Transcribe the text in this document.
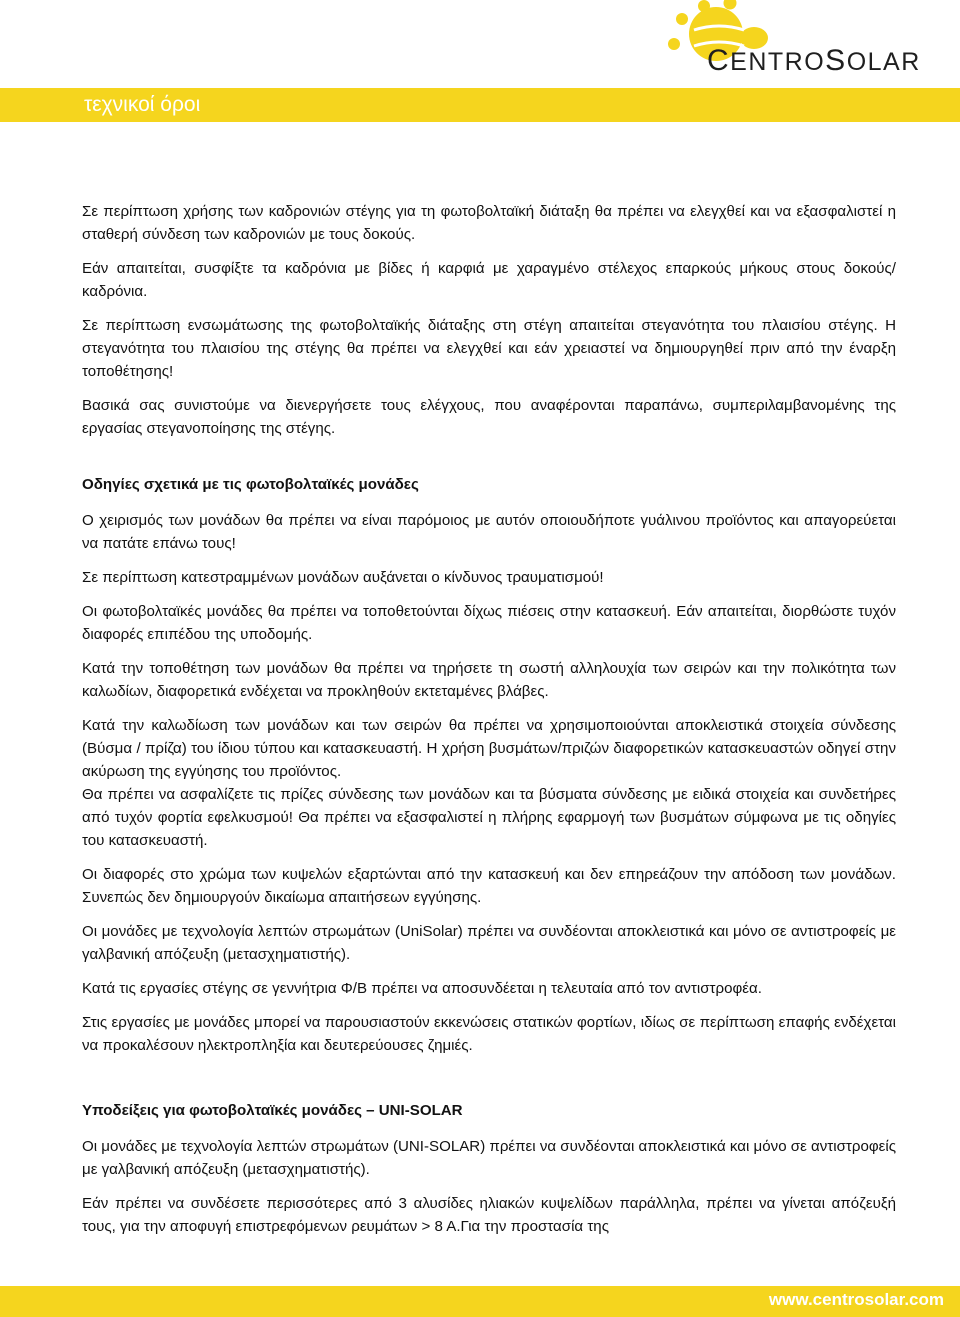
CENTROSOLAR
τεχνικοί όροι

Σε περίπτωση χρήσης των καδρονιών στέγης για τη φωτοβολταϊκή διάταξη θα πρέπει να ελεγχθεί και να εξασφαλιστεί η σταθερή σύνδεση των καδρονιών με τους δοκούς.

Εάν απαιτείται, συσφίξτε τα καδρόνια με βίδες ή καρφιά με χαραγμένο στέλεχος επαρκούς μήκους στους δοκούς/καδρόνια.

Σε περίπτωση ενσωμάτωσης της φωτοβολταϊκής διάταξης στη στέγη απαιτείται στεγανότητα του πλαισίου στέγης. Η στεγανότητα του πλαισίου της στέγης θα πρέπει να ελεγχθεί και εάν χρειαστεί να δημιουργηθεί πριν από την έναρξη τοποθέτησης!

Βασικά σας συνιστούμε να διενεργήσετε τους ελέγχους, που αναφέρονται παραπάνω, συμπεριλαμβανομένης της εργασίας στεγανοποίησης της στέγης.

Οδηγίες σχετικά με τις φωτοβολταϊκές μονάδες

Ο χειρισμός των μονάδων θα πρέπει να είναι παρόμοιος με αυτόν οποιουδήποτε γυάλινου προϊόντος και απαγορεύεται να πατάτε επάνω τους!

Σε περίπτωση κατεστραμμένων μονάδων αυξάνεται ο κίνδυνος τραυματισμού!

Οι φωτοβολταϊκές μονάδες θα πρέπει να τοποθετούνται δίχως πιέσεις στην κατασκευή. Εάν απαιτείται, διορθώστε τυχόν διαφορές επιπέδου της υποδομής.

Κατά την τοποθέτηση των μονάδων θα πρέπει να τηρήσετε τη σωστή αλληλουχία των σειρών και την πολικότητα των καλωδίων, διαφορετικά ενδέχεται να προκληθούν εκτεταμένες βλάβες.

Κατά την καλωδίωση των μονάδων και των σειρών θα πρέπει να χρησιμοποιούνται αποκλειστικά στοιχεία σύνδεσης (Βύσμα / πρίζα) του ίδιου τύπου και κατασκευαστή. Η χρήση βυσμάτων/πριζών διαφορετικών κατασκευαστών οδηγεί στην ακύρωση της εγγύησης του προϊόντος.

Θα πρέπει να ασφαλίζετε τις πρίζες σύνδεσης των μονάδων και τα βύσματα σύνδεσης με ειδικά στοιχεία και συνδετήρες από τυχόν φορτία εφελκυσμού! Θα πρέπει να εξασφαλιστεί η πλήρης εφαρμογή των βυσμάτων σύμφωνα με τις οδηγίες του κατασκευαστή.

Οι διαφορές στο χρώμα των κυψελών εξαρτώνται από την κατασκευή και δεν επηρεάζουν την απόδοση των μονάδων. Συνεπώς δεν δημιουργούν δικαίωμα απαιτήσεων εγγύησης.

Οι μονάδες με τεχνολογία λεπτών στρωμάτων (UniSolar) πρέπει να συνδέονται αποκλειστικά και μόνο σε αντιστροφείς με γαλβανική απόζευξη (μετασχηματιστής).

Κατά τις εργασίες στέγης σε γεννήτρια Φ/Β πρέπει να αποσυνδέεται η τελευταία από τον αντιστροφέα.

Στις εργασίες με μονάδες μπορεί να παρουσιαστούν εκκενώσεις στατικών φορτίων, ιδίως σε περίπτωση επαφής ενδέχεται να προκαλέσουν ηλεκτροπληξία και δευτερεύουσες ζημιές.

Υποδείξεις για φωτοβολταϊκές μονάδες – UNI-SOLAR

Οι μονάδες με τεχνολογία λεπτών στρωμάτων (UNI-SOLAR) πρέπει να συνδέονται αποκλειστικά και μόνο σε αντιστροφείς με γαλβανική απόζευξη (μετασχηματιστής).

Εάν πρέπει να συνδέσετε περισσότερες από 3 αλυσίδες ηλιακών κυψελίδων παράλληλα, πρέπει να γίνεται απόζευξή τους, για την αποφυγή επιστρεφόμενων ρευμάτων > 8 Α.Για την προστασία της

www.centrosolar.com
